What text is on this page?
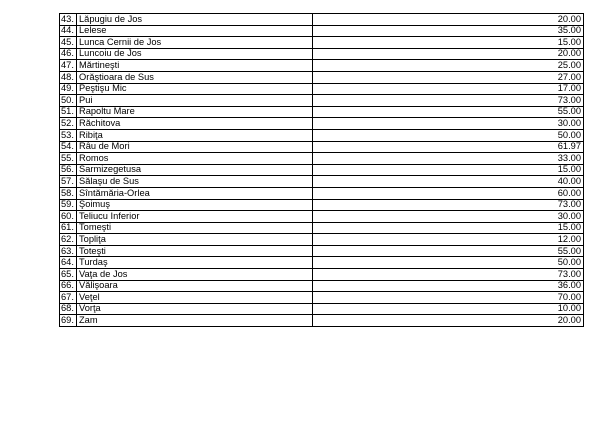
43.	Lăpugiu de Jos		20.00
44.	Lelese		35.00
45.	Lunca Cernii de Jos		15.00
46.	Luncoiu de Jos		20.00
47.	Mărtineşti		25.00
48.	Orăştioara de Sus		27.00
49.	Peştişu Mic		17.00
50.	Pui		73.00
51.	Rapoltu Mare		55.00
52.	Răchitova		30.00
53.	Ribiţa		50.00
54.	Râu de Mori		61.97
55.	Romos		33.00
56.	Sarmizegetusa		15.00
57.	Sălaşu de Sus		40.00
58.	Sîntămăria-Orlea		60.00
59.	Şoimuş		73.00
60.	Teliucu Inferior		30.00
61.	Tomeşti		15.00
62.	Topliţa		12.00
63.	Toteşti		55.00
64.	Turdaş		50.00
65.	Vaţa de Jos		73.00
66.	Vălişoara		36.00
67.	Veţel		70.00
68.	Vorţa		10.00
69.	Zam		20.00
